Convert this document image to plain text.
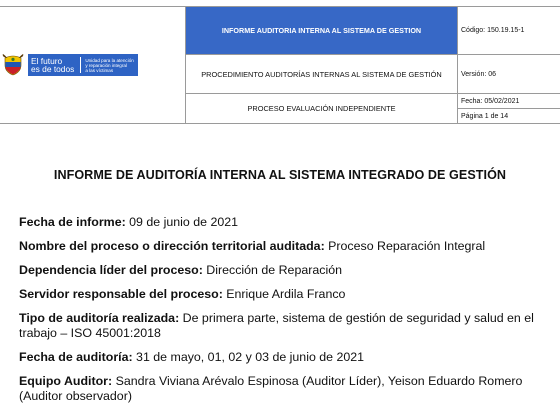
El futuro
es de todos
Unidad para la atención
y reparación integral
a las víctimas	INFORME AUDITORIA INTERNA AL SISTEMA DE GESTION	Código: 150.19.15-1
	PROCEDIMIENTO AUDITORÍAS INTERNAS AL SISTEMA DE GESTIÓN	Versión: 06
	PROCESO EVALUACIÓN INDEPENDIENTE	Fecha: 05/02/2021
Página 1 de 14
INFORME DE AUDITORÍA INTERNA AL SISTEMA INTEGRADO DE GESTIÓN
Fecha de informe: 09 de junio de 2021
Nombre del proceso o dirección territorial auditada: Proceso Reparación Integral
Dependencia líder del proceso: Dirección de Reparación
Servidor responsable del proceso: Enrique Ardila Franco
Tipo de auditoría realizada: De primera parte, sistema de gestión de seguridad y salud en el trabajo – ISO 45001:2018
Fecha de auditoría: 31 de mayo, 01, 02 y 03 de junio de 2021
Equipo Auditor: Sandra Viviana Arévalo Espinosa (Auditor Líder), Yeison Eduardo Romero (Auditor observador)
